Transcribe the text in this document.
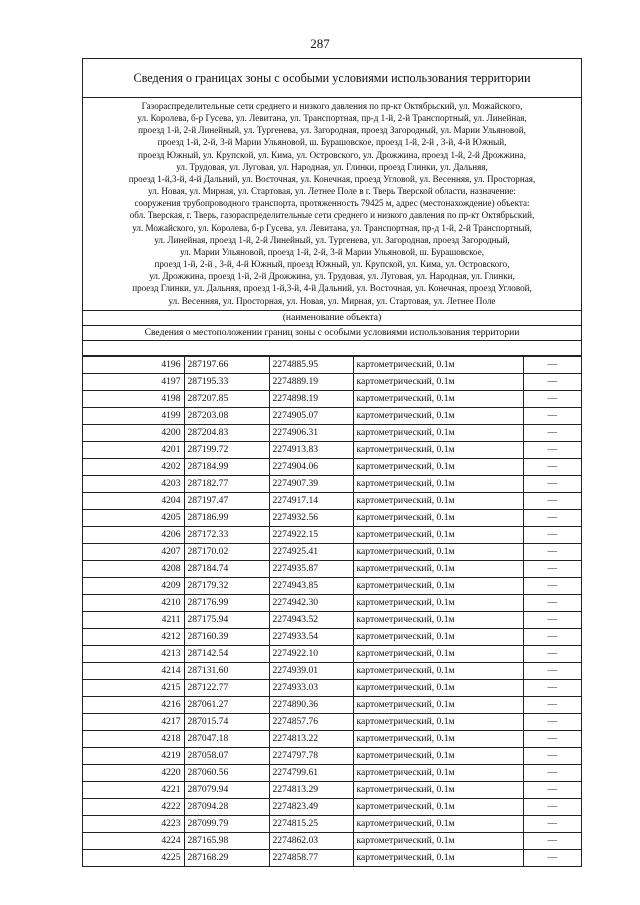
287
Сведения о границах зоны с особыми условиями использования территории
Газораспределительные сети среднего и низкого давления по пр-кт Октябрьский, ул. Можайского,
ул. Королева, б-р Гусева, ул. Левитана, ул. Транспортная, пр-д 1-й, 2-й Транспортный, ул. Линейная,
проезд 1-й, 2-й Линейный, ул. Тургенева, ул. Загородная, проезд Загородный, ул. Марии Ульяновой,
проезд 1-й, 2-й, 3-й Марии Ульяновой, ш. Бурашовское, проезд 1-й, 2-й , 3-й, 4-й Южный,
проезд Южный, ул. Крупской, ул. Кима, ул. Островского, ул. Дрожжина, проезд 1-й, 2-й Дрожжина,
ул. Трудовая, ул. Луговая, ул. Народная, ул. Глинки, проезд Глинки, ул. Дальняя,
проезд 1-й,3-й, 4-й Дальний, ул. Восточная, ул. Конечная, проезд Угловой, ул. Весенняя, ул. Просторная,
ул. Новая, ул. Мирная, ул. Стартовая, ул. Летнее Поле в г. Тверь Тверской области, назначение:
сооружения трубопроводного транспорта, протяженность 79425 м, адрес (местонахождение) объекта:
обл. Тверская, г. Тверь, газораспределительные сети среднего и низкого давления по пр-кт Октябрьский,
ул. Можайского, ул. Королева, б-р Гусева, ул. Левитана, ул. Транспортная, пр-д 1-й, 2-й Транспортный,
ул. Линейная, проезд 1-й, 2-й Линейный, ул. Тургенева, ул. Загородная, проезд Загородный,
ул. Марии Ульяновой, проезд 1-й, 2-й, 3-й Марии Ульяновой, ш. Бурашовское,
проезд 1-й, 2-й , 3-й, 4-й Южный, проезд Южный, ул. Крупской, ул. Кима, ул. Островского,
ул. Дрожжина, проезд 1-й, 2-й Дрожжина, ул. Трудовая, ул. Луговая, ул. Народная, ул. Глинки,
проезд Глинки, ул. Дальняя, проезд 1-й,3-й, 4-й Дальний, ул. Восточная, ул. Конечная, проезд Угловой,
ул. Весенняя, ул. Просторная, ул. Новая, ул. Мирная, ул. Стартовая, ул. Летнее Поле
(наименование объекта)
Сведения о местоположении границ зоны с особыми условиями использования территории
4196	287197.66	2274885.95	картометрический, 0.1м	—
4197	287195.33	2274889.19	картометрический, 0.1м	—
4198	287207.85	2274898.19	картометрический, 0.1м	—
4199	287203.08	2274905.07	картометрический, 0.1м	—
4200	287204.83	2274906.31	картометрический, 0.1м	—
4201	287199.72	2274913.83	картометрический, 0.1м	—
4202	287184.99	2274904.06	картометрический, 0.1м	—
4203	287182.77	2274907.39	картометрический, 0.1м	—
4204	287197.47	2274917.14	картометрический, 0.1м	—
4205	287186.99	2274932.56	картометрический, 0.1м	—
4206	287172.33	2274922.15	картометрический, 0.1м	—
4207	287170.02	2274925.41	картометрический, 0.1м	—
4208	287184.74	2274935.87	картометрический, 0.1м	—
4209	287179.32	2274943.85	картометрический, 0.1м	—
4210	287176.99	2274942.30	картометрический, 0.1м	—
4211	287175.94	2274943.52	картометрический, 0.1м	—
4212	287160.39	2274933.54	картометрический, 0.1м	—
4213	287142.54	2274922.10	картометрический, 0.1м	—
4214	287131.60	2274939.01	картометрический, 0.1м	—
4215	287122.77	2274933.03	картометрический, 0.1м	—
4216	287061.27	2274890.36	картометрический, 0.1м	—
4217	287015.74	2274857.76	картометрический, 0.1м	—
4218	287047.18	2274813.22	картометрический, 0.1м	—
4219	287058.07	2274797.78	картометрический, 0.1м	—
4220	287060.56	2274799.61	картометрический, 0.1м	—
4221	287079.94	2274813.29	картометрический, 0.1м	—
4222	287094.28	2274823.49	картометрический, 0.1м	—
4223	287099.79	2274815.25	картометрический, 0.1м	—
4224	287165.98	2274862.03	картометрический, 0.1м	—
4225	287168.29	2274858.77	картометрический, 0.1м	—
